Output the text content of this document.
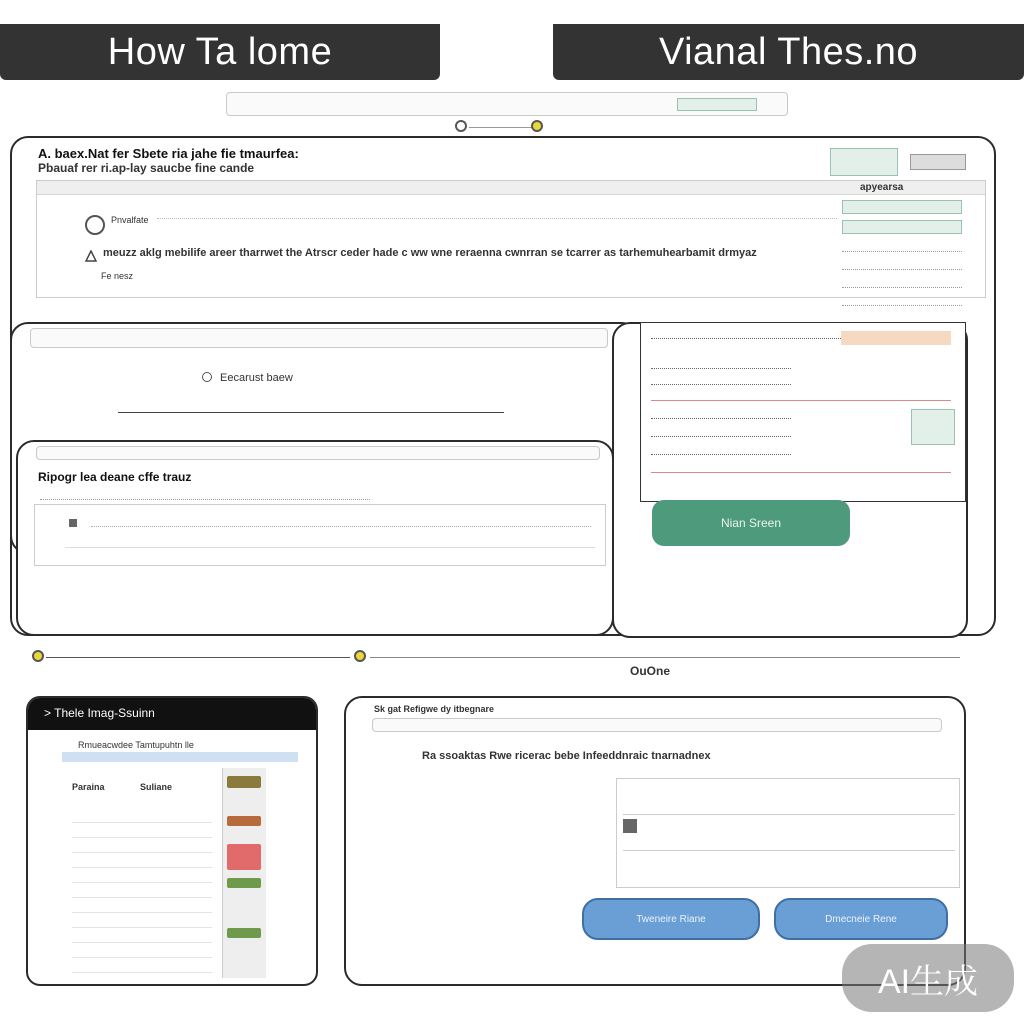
How Ta lome	Vianal Thes.no
A. baex.Nat fer Sbete ria jahe fie tmaurfea:
Pbauaf rer ri.ap-lay saucbe fine cande
Pnvalfate
meuzz aklg mebilife areer tharrwet the Atrscr ceder hade c ww wne reraenna cwnrran se tcarrer as tarhemuhearbamit drmyaz
Fe nesz
apyearsa
Eecarust baew
Ripogr lea deane cffe trauz
Nian Sreen
OuOne
> Thele Imag-Ssuinn
Rmueacwdee Tamtupuhtn lle
Paraina	Suliane
Sk gat Refigwe dy itbegnare
Ra ssoaktas Rwe ricerac bebe Infeeddnraic tnarnadnex
Tweneire Riane	Dmecneie Rene
AI生成
